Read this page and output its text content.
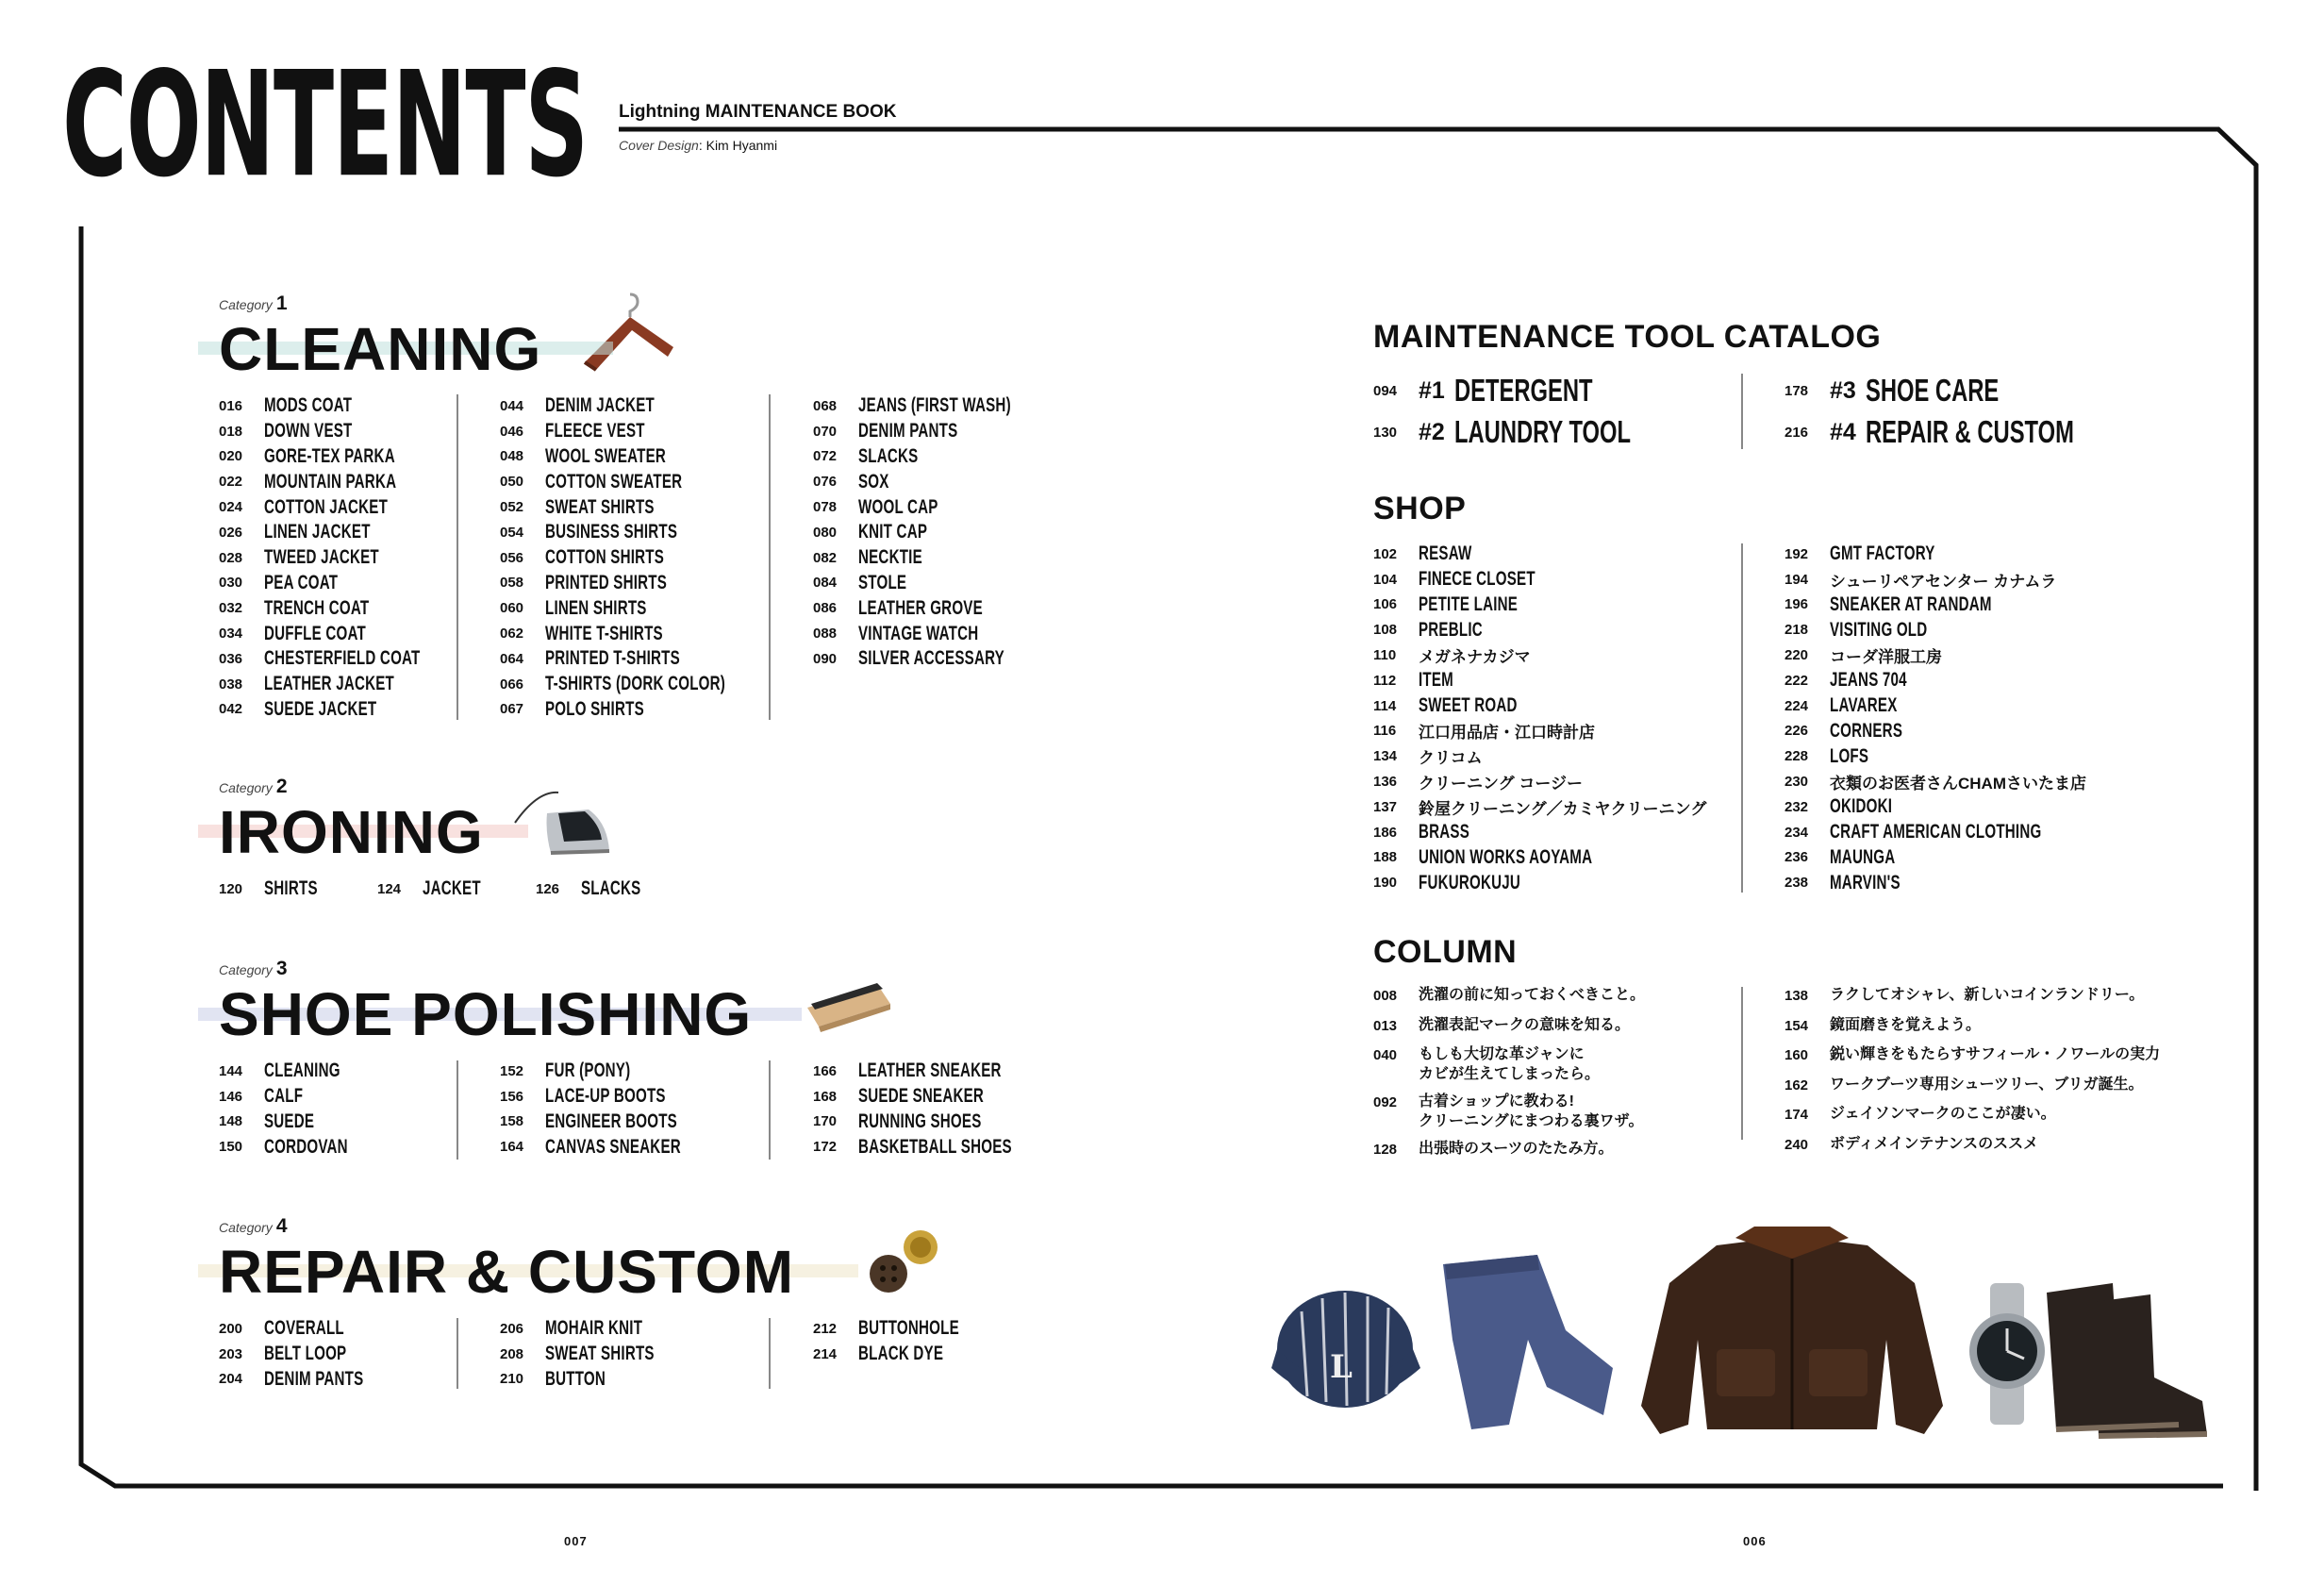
CONTENTS Lightning MAINTENANCE BOOK
Cover Design: Kim Hyanmi
Category 1
CLEANING
016	MODS COAT
018	DOWN VEST
020	GORE-TEX PARKA
022	MOUNTAIN PARKA
024	COTTON JACKET
026	LINEN JACKET
028	TWEED JACKET
030	PEA COAT
032	TRENCH COAT
034	DUFFLE COAT
036	CHESTERFIELD COAT
038	LEATHER JACKET
042	SUEDE JACKET
044	DENIM JACKET
046	FLEECE VEST
048	WOOL SWEATER
050	COTTON SWEATER
052	SWEAT SHIRTS
054	BUSINESS SHIRTS
056	COTTON SHIRTS
058	PRINTED SHIRTS
060	LINEN SHIRTS
062	WHITE T-SHIRTS
064	PRINTED T-SHIRTS
066	T-SHIRTS (DORK COLOR)
067	POLO SHIRTS
068	JEANS (FIRST WASH)
070	DENIM PANTS
072	SLACKS
076	SOX
078	WOOL CAP
080	KNIT CAP
082	NECKTIE
084	STOLE
086	LEATHER GROVE
088	VINTAGE WATCH
090	SILVER ACCESSARY
Category 2
IRONING
120	SHIRTS	124	JACKET	126	SLACKS
Category 3
SHOE POLISHING
144	CLEANING
146	CALF
148	SUEDE
150	CORDOVAN
152	FUR (PONY)
156	LACE-UP BOOTS
158	ENGINEER BOOTS
164	CANVAS SNEAKER
166	LEATHER SNEAKER
168	SUEDE SNEAKER
170	RUNNING SHOES
172	BASKETBALL SHOES
Category 4
REPAIR & CUSTOM
200	COVERALL
203	BELT LOOP
204	DENIM PANTS
206	MOHAIR KNIT
208	SWEAT SHIRTS
210	BUTTON
212	BUTTONHOLE
214	BLACK DYE
MAINTENANCE TOOL CATALOG
094 #1 DETERGENT
130 #2 LAUNDRY TOOL
178 #3 SHOE CARE
216 #4 REPAIR & CUSTOM
SHOP
102	RESAW
104	FINECE CLOSET
106	PETITE LAINE
108	PREBLIC
110	メガネナカジマ
112	ITEM
114	SWEET ROAD
116	江口用品店・江口時計店
134	クリコム
136	クリーニング コージー
137	鈴屋クリーニング／カミヤクリーニング
186	BRASS
188	UNION WORKS AOYAMA
190	FUKUROKUJU
192	GMT FACTORY
194	シューリペアセンター カナムラ
196	SNEAKER AT RANDAM
218	VISITING OLD
220	コーダ洋服工房
222	JEANS 704
224	LAVAREX
226	CORNERS
228	LOFS
230	衣類のお医者さんCHAMさいたま店
232	OKIDOKI
234	CRAFT AMERICAN CLOTHING
236	MAUNGA
238	MARVIN'S
COLUMN
008	洗濯の前に知っておくべきこと。
013	洗濯表記マークの意味を知る。
040	もしも大切な革ジャンに
カビが生えてしまったら。
092	古着ショップに教わる!
クリーニングにまつわる裏ワザ。
128	出張時のスーツのたたみ方。
138	ラクしてオシャレ、新しいコインランドリー。
154	鏡面磨きを覚えよう。
160	鋭い輝きをもたらすサフィール・ノワールの実力
162	ワークブーツ専用シューツリー、ブリガ誕生。
174	ジェイソンマークのここが凄い。
240	ボディメインテナンスのススメ
L
007	006
